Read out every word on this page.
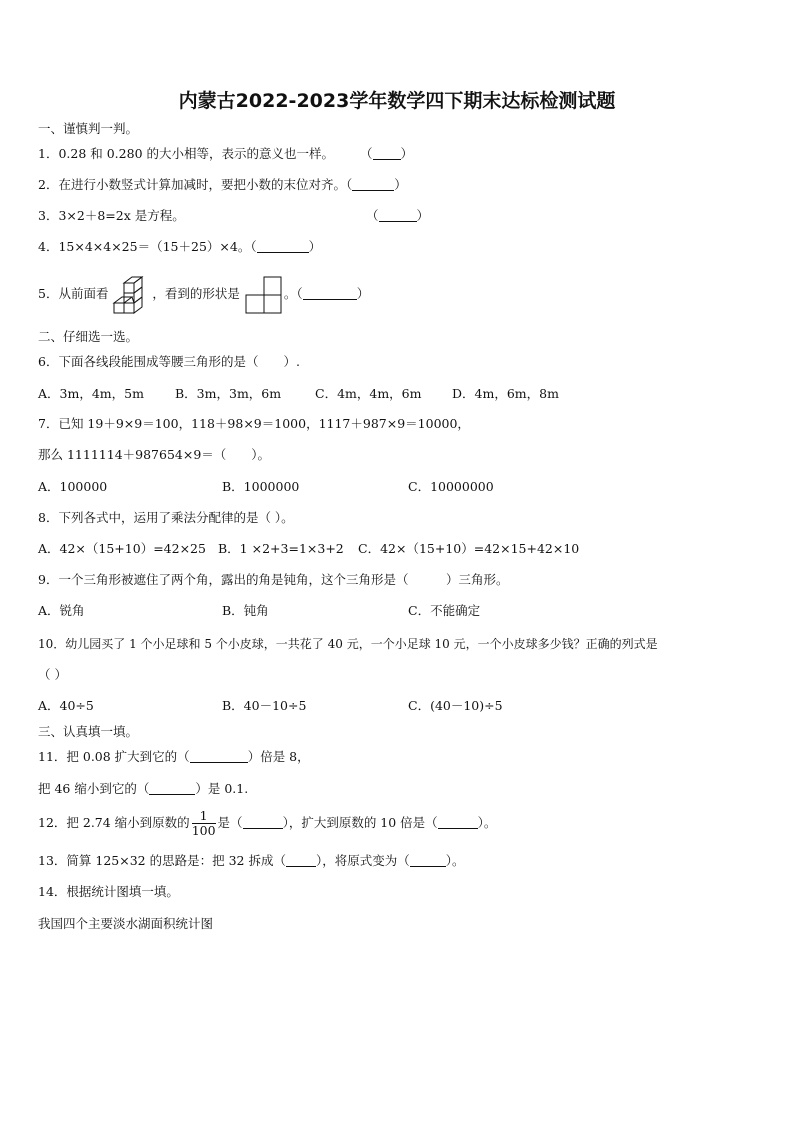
内蒙古2022-2023学年数学四下期末达标检测试题
一、谨慎判一判。
1．0.28 和 0.280 的大小相等，表示的意义也一样。 （ ）
2．在进行小数竖式计算加减时，要把小数的末位对齐。（	）
3．3×2＋8=2x 是方程。	（	）
4．15×4×4×25＝（15＋25）×4。（	）
5．从前面看	，看到的形状是	。（	）
二、仔细选一选。
6．下面各线段能围成等腰三角形的是（　　）.
A．3m，4m，5m B．3m，3m，6m	C．4m，4m，6m D．4m，6m，8m
7．已知 19＋9×9＝100，118＋98×9＝1000，1117＋987×9＝10000，
那么 1111114＋987654×9＝（　　）。
A．100000	B．1000000	C．10000000
8．下列各式中，运用了乘法分配律的是（ ）。
A．42×（15+10）=42×25 B．1 ×2+3=1×3+2 C．42×（15+10）=42×15+42×10
9．一个三角形被遮住了两个角，露出的角是钝角，这个三角形是（　　　）三角形。
A．锐角	B．钝角	C．不能确定
10．幼儿园买了 1 个小足球和 5 个小皮球，一共花了 40 元，一个小足球 10 元，一个小皮球多少钱？正确的列式是
（ ）
A．40÷5	B．40－10÷5	C．(40－10)÷5
三、认真填一填。
11．把 0.08 扩大到它的（	）倍是 8，
把 46 缩小到它的（	）是 0.1.
12．把 2.74 缩小到原数的 $\frac{1}{100}$ 是（	），扩大到原数的 10 倍是（	）。
13．简算 125×32 的思路是：把 32 拆成（ ），将原式变为（	）。
14．根据统计图填一填。
我国四个主要淡水湖面积统计图
